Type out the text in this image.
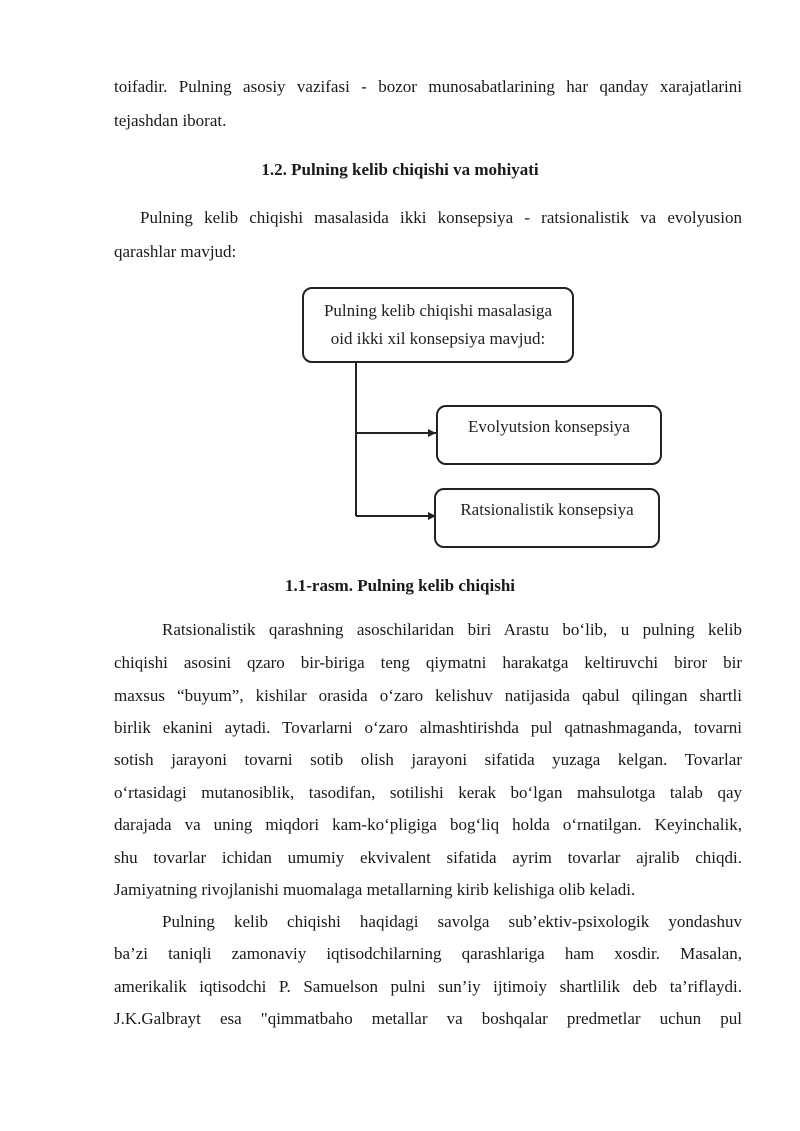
toifadir. Pulning asosiy vazifasi - bozor munosabatlarining har qanday xarajatlarini
tejashdan iborat.
1.2. Pulning kelib chiqishi va mohiyati
Pulning kelib chiqishi masalasida ikki konsepsiya - ratsionalistik va evolyusion
qarashlar mavjud:
Pulning kelib chiqishi masalasiga
oid ikki xil konsepsiya mavjud:
Evolyutsion konsepsiya
Ratsionalistik konsepsiya
1.1-rasm. Pulning kelib chiqishi
Ratsionalistik qarashning asoschilaridan biri Arastu bo‘lib, u pulning kelib
chiqishi asosini qzaro bir-biriga teng qiymatni harakatga keltiruvchi biror bir
maxsus “buyum”, kishilar orasida o‘zaro kelishuv natijasida qabul qilingan shartli
birlik ekanini aytadi. Tovarlarni o‘zaro almashtirishda pul qatnashmaganda, tovarni
sotish jarayoni tovarni sotib olish jarayoni sifatida yuzaga kelgan. Tovarlar
o‘rtasidagi mutanosiblik, tasodifan, sotilishi kerak bo‘lgan mahsulotga talab qay
darajada va uning miqdori kam-ko‘pligiga bog‘liq holda o‘rnatilgan. Keyinchalik,
shu tovarlar ichidan umumiy ekvivalent sifatida ayrim tovarlar ajralib chiqdi.
Jamiyatning rivojlanishi muomalaga metallarning kirib kelishiga olib keladi.
Pulning kelib chiqishi haqidagi savolga sub’ektiv-psixologik yondashuv
ba’zi taniqli zamonaviy iqtisodchilarning qarashlariga ham xosdir. Masalan,
amerikalik iqtisodchi P. Samuelson pulni sun’iy ijtimoiy shartlilik deb ta’riflaydi.
J.K.Galbrayt esa "qimmatbaho metallar va boshqalar predmetlar uchun pul
